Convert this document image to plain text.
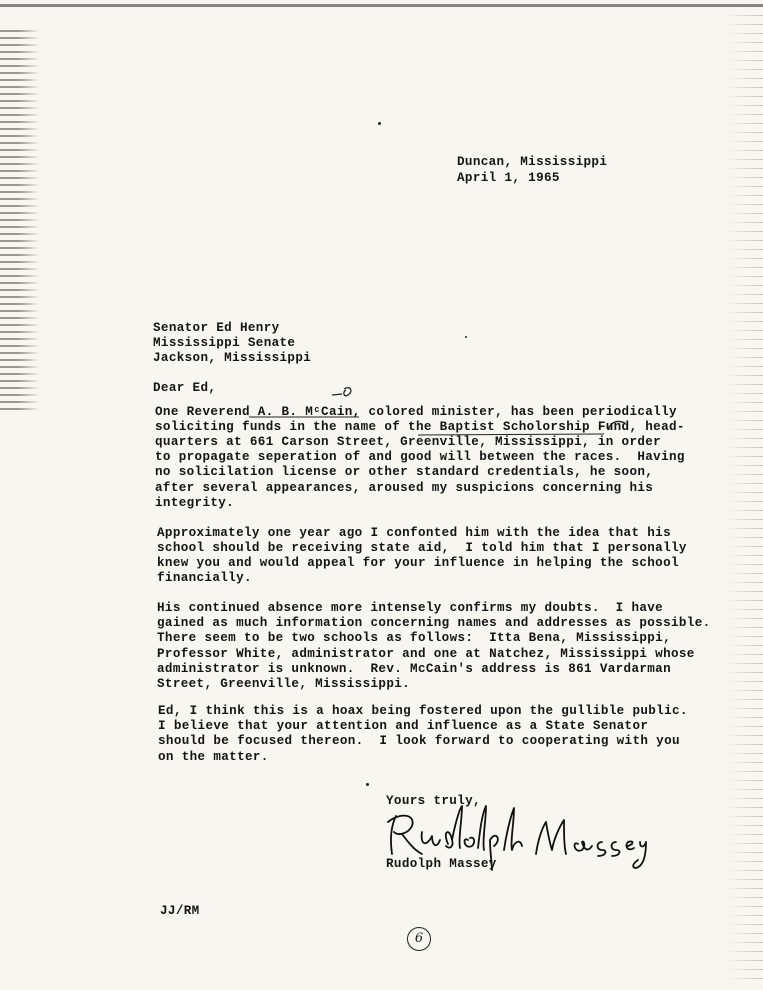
Duncan, Mississippi
April 1, 1965
Senator Ed Henry
Mississippi Senate
Jackson, Mississippi
Dear Ed,
One Reverend A. B. MᶜCain, colored minister, has been periodically
soliciting funds in the name of the Baptist Scholorship Fund, head-
quarters at 661 Carson Street, Greenville, Mississippi, in order
to propagate seperation of and good will between the races.  Having
no solicilation license or other standard credentials, he soon,
after several appearances, aroused my suspicions concerning his
integrity.
Approximately one year ago I confonted him with the idea that his
school should be receiving state aid,  I told him that I personally
knew you and would appeal for your influence in helping the school
financially.
His continued absence more intensely confirms my doubts.  I have
gained as much information concerning names and addresses as possible.
There seem to be two schools as follows:  Itta Bena, Mississippi,
Professor White, administrator and one at Natchez, Mississippi whose
administrator is unknown.  Rev. McCain's address is 861 Vardarman
Street, Greenville, Mississippi.
Ed, I think this is a hoax being fostered upon the gullible public.
I believe that your attention and influence as a State Senator
should be focused thereon.  I look forward to cooperating with you
on the matter.
Yours truly,
Rudolph Massey
JJ/RM
6
